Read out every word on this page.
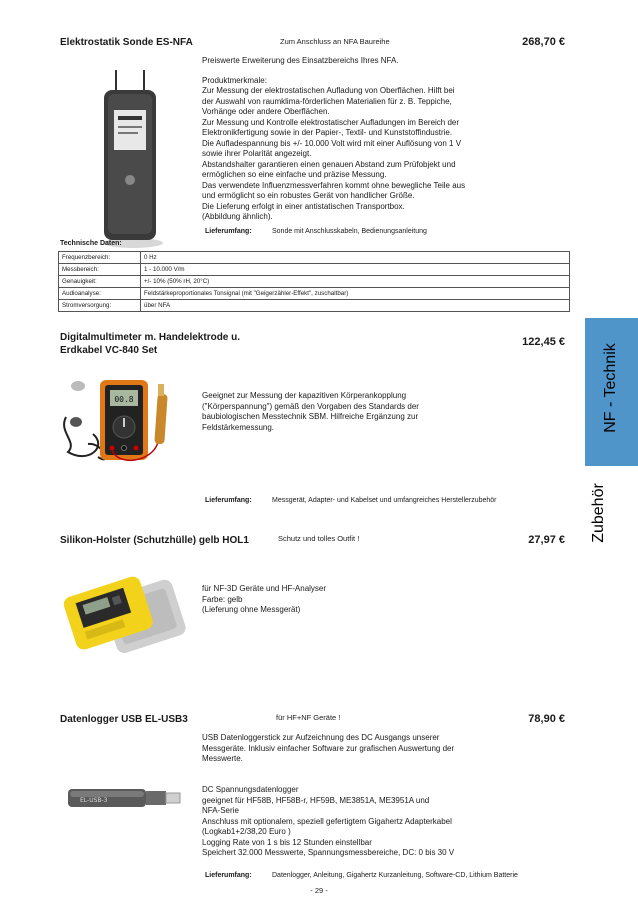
Elektrostatik Sonde ES-NFA	Zum Anschluss an NFA Baureihe	268,70 €
Preiswerte Erweiterung des Einsatzbereichs Ihres NFA.
Produktmerkmale:
Zur Messung der elektrostatischen Aufladung von Oberflächen. Hilft bei
der Auswahl von raumklima-förderlichen Materialien für z. B. Teppiche,
Vorhänge oder andere Oberflächen.
Zur Messung und Kontrolle elektrostatischer Aufladungen im Bereich der
Elektronikfertigung sowie in der Papier-, Textil- und Kunststoffindustrie.
Die Aufladespannung bis +/- 10.000 Volt wird mit einer Auflösung von 1 V
sowie ihrer Polarität angezeigt.
Abstandshalter garantieren einen genauen Abstand zum Prüfobjekt und
ermöglichen so eine einfache und präzise Messung.
Das verwendete Influenzmessverfahren kommt ohne bewegliche Teile aus
und ermöglicht so ein robustes Gerät von handlicher Größe.
Die Lieferung erfolgt in einer antistatischen Transportbox.
(Abbildung ähnlich).
Lieferumfang:	Sonde mit Anschlusskabeln, Bedienungsanleitung
Technische Daten:
Frequenzbereich:	0 Hz
Messbereich:	1 - 10.000 V/m
Genauigkeit:	+/- 10% (50% rH, 20°C)
Audioanalyse:	Feldstärkeproportionales Tonsignal (mit "Geigerzähler-Effekt", zuschaltbar)
Stromversorgung:	über NFA
Digitalmultimeter m. Handelektrode u.
Erdkabel VC-840 Set
122,45 €
00.8	Geeignet zur Messung der kapazitiven Körperankopplung
("Körperspannung") gemäß den Vorgaben des Standards der
baubiologischen Messtechnik SBM. Hilfreiche Ergänzung zur
Feldstärkemessung.
Lieferumfang:	Messgerät, Adapter- und Kabelset und umfangreiches Herstellerzubehör
Silikon-Holster (Schutzhülle) gelb HOL1	Schutz und tolles Outfit !	27,97 €
für NF-3D Geräte und HF-Analyser
Farbe: gelb
(Lieferung ohne Messgerät)
Datenlogger USB EL-USB3	für HF+NF Geräte !	78,90 €
USB Datenloggerstick zur Aufzeichnung des DC Ausgangs unserer
Messgeräte. Inklusiv einfacher Software zur grafischen Auswertung der
Messwerte.
EL-USB-3
DC Spannungsdatenlogger
geeignet für HF58B, HF58B-r, HF59B, ME3851A, ME3951A und
NFA-Serie
Anschluss mit optionalem, speziell gefertigtem Gigahertz Adapterkabel
(Logkab1+2/38,20 Euro )
Logging Rate von 1 s bis 12 Stunden einstellbar
Speichert 32.000 Messwerte, Spannungsmessbereiche, DC: 0 bis 30 V
Lieferumfang:	Datenlogger, Anleitung, Gigahertz Kurzanleitung, Software-CD, Lithium Batterie
NF - Technik
Zubehör
- 29 -
